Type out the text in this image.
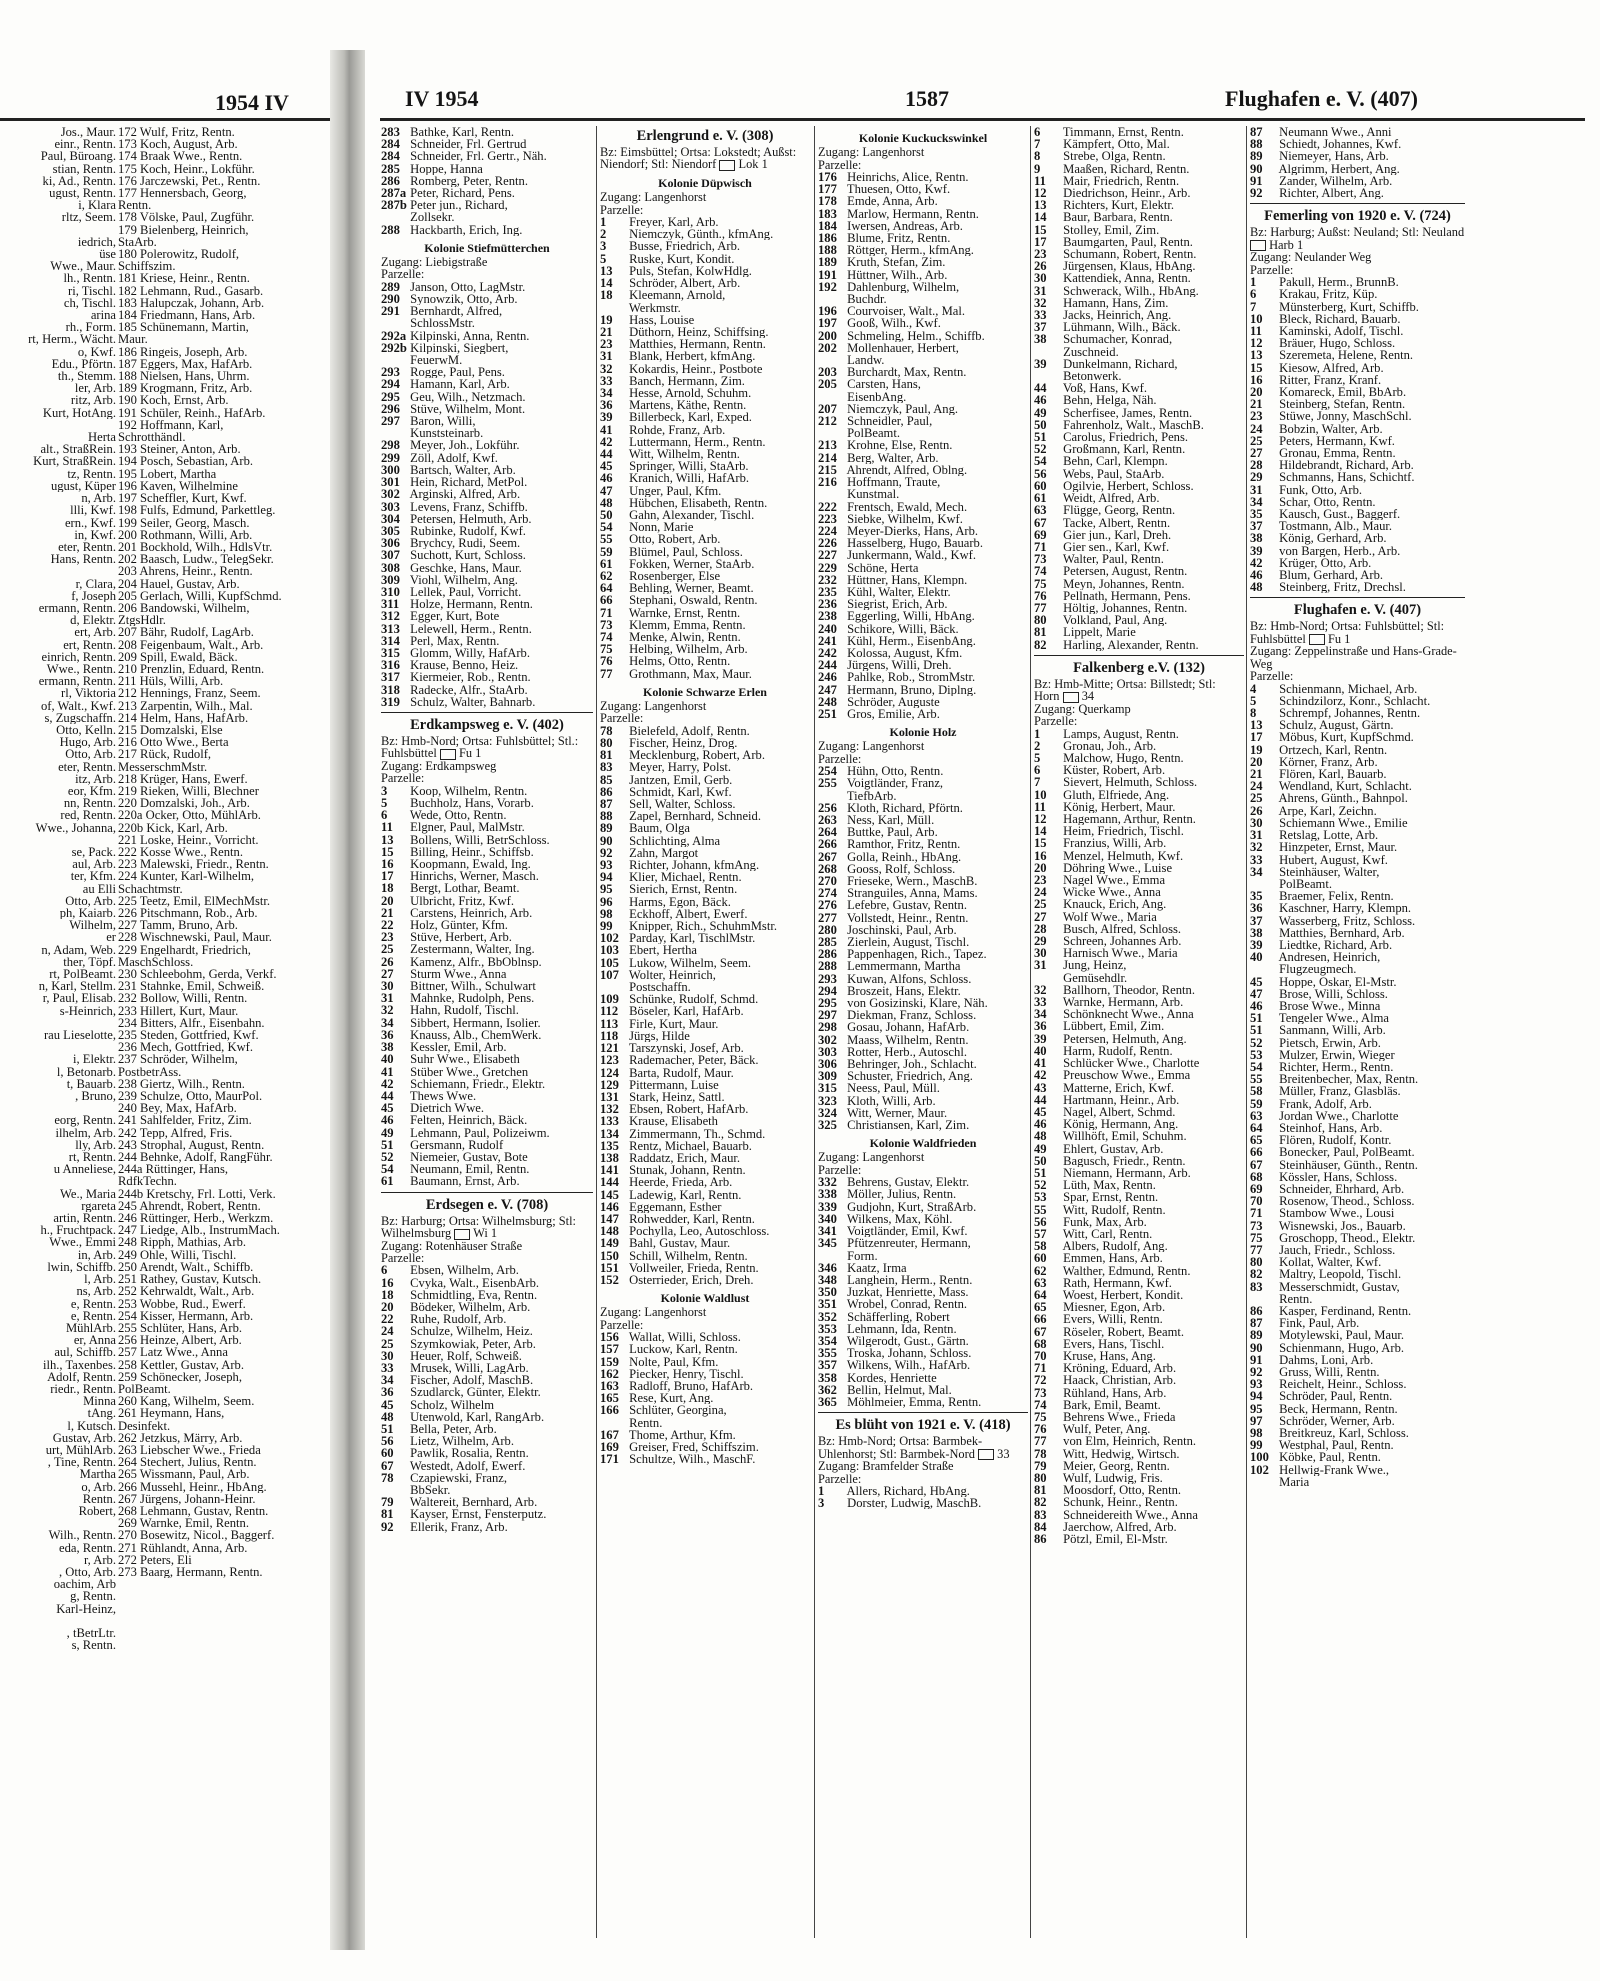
1954 IV
Jos., Maur.
einr., Rentn.
Paul, Büroang.
stian, Rentn.
ki, Ad., Rentn.
ugust, Rentn.
i, Klara
rltz, Seem.

iedrich,
üse
Wwe., Maur.
lh., Rentn.
ri, Tischl.
ch, Tischl.
arina
rh., Form.
rt, Herm., Wächt.
o, Kwf.
Edu., Pförtn.
th., Stemm.
ler, Arb.
ritz, Arb.
Kurt, HotAng.

Herta
alt., StraßRein.
Kurt, StraßRein.
tz, Rentn.
ugust, Küper
n, Arb.
llli, Kwf.
ern., Kwf.
in, Kwf.
eter, Rentn.
Hans, Rentn.

r, Clara,
f, Joseph
ermann, Rentn.
d, Elektr.
ert, Arb.
ert, Rentn.
einrich, Rentn.
Wwe., Rentn.
ermann, Rentn.
rl, Viktoria
of, Walt., Kwf.
s, Zugschaffn.
Otto, Kelln.
Hugo, Arb.
Otto, Arb.
eter, Rentn.
itz, Arb.
eor, Kfm.
nn, Rentn.
red, Rentn.
Wwe., Johanna,

se, Pack.
aul, Arb.
ter, Kfm.
au Elli
Otto, Arb.
ph, Kaiarb.
Wilhelm,
er
n, Adam, Web.
ther, Töpf.
rt, PolBeamt.
n, Karl, Stellm.
r, Paul, Elisab.
s-Heinrich,

rau Lieselotte,

i, Elektr.
l, Betonarb.
t, Bauarb.
, Bruno,

eorg, Rentn.
ilhelm, Arb.
lly, Arb.
rt, Rentn.
u Anneliese,

We., Maria
rgareta
artin, Rentn.
h., Fruchtpack.
Wwe., Emmi
in, Arb.
lwin, Schiffb.
l, Arb.
ns, Arb.
e, Rentn.
e, Rentn.
MühlArb.
er, Anna
aul, Schiffb.
ilh., Taxenbes.
Adolf, Rentn.
riedr., Rentn.
Minna
tAng.
l, Kutsch.
Gustav, Arb.
urt, MühlArb.
, Tine, Rentn.
Martha
o, Arb.
Rentn.
Robert,

Wilh., Rentn.
eda, Rentn.
r, Arb.
, Otto, Arb.
oachim, Arb
g, Rentn.
Karl-Heinz,

, tBetrLtr.
s, Rentn.
172 Wulf, Fritz, Rentn.
173 Koch, August, Arb.
174 Braak Wwe., Rentn.
175 Koch, Heinr., Lokführ.
176 Jarczewski, Pet., Rentn.
177 Hennersbach, Georg,
Rentn.
178 Völske, Paul, Zugführ.
179 Bielenberg, Heinrich,
StaArb.
180 Polerowitz, Rudolf,
Schiffszim.
181 Kriese, Heinr., Rentn.
182 Lehmann, Rud., Gasarb.
183 Halupczak, Johann, Arb.
184 Friedmann, Hans, Arb.
185 Schünemann, Martin,
Maur.
186 Ringeis, Joseph, Arb.
187 Eggers, Max, HafArb.
188 Nielsen, Hans, Uhrm.
189 Krogmann, Fritz, Arb.
190 Koch, Ernst, Arb.
191 Schüler, Reinh., HafArb.
192 Hoffmann, Karl,
Schrotthändl.
193 Steiner, Anton, Arb.
194 Posch, Sebastian, Arb.
195 Lobert, Martha
196 Kaven, Wilhelmine
197 Scheffler, Kurt, Kwf.
198 Fulfs, Edmund, Parkettleg.
199 Seiler, Georg, Masch.
200 Rothmann, Willi, Arb.
201 Bockhold, Wilh., HdlsVtr.
202 Baasch, Ludw., TelegSekr.
203 Ahrens, Heinr., Rentn.
204 Hauel, Gustav, Arb.
205 Gerlach, Willi, KupfSchmd.
206 Bandowski, Wilhelm,
ZtgsHdlr.
207 Bähr, Rudolf, LagArb.
208 Feigenbaum, Walt., Arb.
209 Spill, Ewald, Bäck.
210 Prenzlin, Eduard, Rentn.
211 Hüls, Willi, Arb.
212 Hennings, Franz, Seem.
213 Zarpentin, Wilh., Mal.
214 Helm, Hans, HafArb.
215 Domzalski, Else
216 Otto Wwe., Berta
217 Rück, Rudolf,
MesserschmMstr.
218 Krüger, Hans, Ewerf.
219 Rieken, Willi, Blechner
220 Domzalski, Joh., Arb.
220a Ocker, Otto, MühlArb.
220b Kick, Karl, Arb.
221 Loske, Heinr., Vorricht.
222 Kosse Wwe., Rentn.
223 Malewski, Friedr., Rentn.
224 Kunter, Karl-Wilhelm,
Schachtmstr.
225 Teetz, Emil, ElMechMstr.
226 Pitschmann, Rob., Arb.
227 Tamm, Bruno, Arb.
228 Wischnewski, Paul, Maur.
229 Engelhardt, Friedrich,
MaschSchloss.
230 Schleebohm, Gerda, Verkf.
231 Stahnke, Emil, Schweiß.
232 Bollow, Willi, Rentn.
233 Hillert, Kurt, Maur.
234 Bitters, Alfr., Eisenbahn.
235 Steden, Gottfried, Kwf.
236 Mech, Gottfried, Kwf.
237 Schröder, Wilhelm,
PostbetrAss.
238 Giertz, Wilh., Rentn.
239 Schulze, Otto, MaurPol.
240 Bey, Max, HafArb.
241 Sahlfelder, Fritz, Zim.
242 Tepp, Alfred, Fris.
243 Strophal, August, Rentn.
244 Behnke, Adolf, RangFühr.
244a Rüttinger, Hans,
RdfkTechn.
244b Kretschy, Frl. Lotti, Verk.
245 Ahrendt, Robert, Rentn.
246 Rüttinger, Herb., Werkzm.
247 Liedge, Alb., InstrumMach.
248 Ripph, Mathias, Arb.
249 Ohle, Willi, Tischl.
250 Arendt, Walt., Schiffb.
251 Rathey, Gustav, Kutsch.
252 Kehrwaldt, Walt., Arb.
253 Wobbe, Rud., Ewerf.
254 Kisser, Hermann, Arb.
255 Schlüter, Hans, Arb.
256 Heinze, Albert, Arb.
257 Latz Wwe., Anna
258 Kettler, Gustav, Arb.
259 Schönecker, Joseph,
PolBeamt.
260 Kang, Wilhelm, Seem.
261 Heymann, Hans,
Desinfekt.
262 Jetzkus, Märry, Arb.
263 Liebscher Wwe., Frieda
264 Stechert, Julius, Rentn.
265 Wissmann, Paul, Arb.
266 Mussehl, Heinr., HbAng.
267 Jürgens, Johann-Heinr.
268 Lehmann, Gustav, Rentn.
269 Warnke, Emil, Rentn.
270 Bosewitz, Nicol., Baggerf.
271 Rühlandt, Anna, Arb.
272 Peters, Eli
273 Baarg, Hermann, Rentn.
IV 1954	1587	Flughafen e. V. (407)
283 Bathke, Karl, Rentn.
284 Schneider, Frl. Gertrud
284 Schneider, Frl. Gertr., Näh.
285 Hoppe, Hanna
286 Romberg, Peter, Rentn.
287a Peter, Richard, Pens.
287b Peter jun., Richard,
Zollsekr.
288 Hackbarth, Erich, Ing.
Kolonie Stiefmütterchen
Zugang: Liebigstraße
Parzelle:
289 Janson, Otto, LagMstr.
290 Synowzik, Otto, Arb.
291 Bernhardt, Alfred,
SchlossMstr.
292a Kilpinski, Anna, Rentn.
292b Kilpinski, Siegbert,
FeuerwM.
293 Rogge, Paul, Pens.
294 Hamann, Karl, Arb.
295 Geu, Wilh., Netzmach.
296 Stüve, Wilhelm, Mont.
297 Baron, Willi,
Kunststeinarb.
298 Meyer, Joh., Lokführ.
299 Zöll, Adolf, Kwf.
300 Bartsch, Walter, Arb.
301 Hein, Richard, MetPol.
302 Arginski, Alfred, Arb.
303 Levens, Franz, Schiffb.
304 Petersen, Helmuth, Arb.
305 Rubinke, Rudolf, Kwf.
306 Brychcy, Rudi, Seem.
307 Suchott, Kurt, Schloss.
308 Geschke, Hans, Maur.
309 Viohl, Wilhelm, Ang.
310 Lellek, Paul, Vorricht.
311 Holze, Hermann, Rentn.
312 Egger, Kurt, Bote
313 Lelewell, Herm., Rentn.
314 Perl, Max, Rentn.
315 Glomm, Willy, HafArb.
316 Krause, Benno, Heiz.
317 Kiermeier, Rob., Rentn.
318 Radecke, Alfr., StaArb.
319 Schulz, Walter, Bahnarb.
Erdkampsweg e. V. (402)
Bz: Hmb-Nord; Ortsa: Fuhlsbüttel; Stl.: Fuhlsbüttel Fu 1
Zugang: Erdkampsweg
Parzelle:
3 Koop, Wilhelm, Rentn.
5 Buchholz, Hans, Vorarb.
6 Wede, Otto, Rentn.
11 Elgner, Paul, MalMstr.
13 Bollens, Willi, BetrSchloss.
15 Billing, Heinr., Schiffsb.
16 Koopmann, Ewald, Ing.
17 Hinrichs, Werner, Masch.
18 Bergt, Lothar, Beamt.
20 Ulbricht, Fritz, Kwf.
21 Carstens, Heinrich, Arb.
22 Holz, Günter, Kfm.
23 Stüve, Herbert, Arb.
25 Zestermann, Walter, Ing.
26 Kamenz, Alfr., BbOblnsp.
27 Sturm Wwe., Anna
30 Bittner, Wilh., Schulwart
31 Mahnke, Rudolph, Pens.
32 Hahn, Rudolf, Tischl.
34 Sibbert, Hermann, Isolier.
36 Knauss, Alb., ChemWerk.
38 Kessler, Emil, Arb.
40 Suhr Wwe., Elisabeth
41 Stüber Wwe., Gretchen
42 Schiemann, Friedr., Elektr.
44 Thews Wwe.
45 Dietrich Wwe.
46 Felten, Heinrich, Bäck.
49 Lehmann, Paul, Polizeiwm.
51 Gersmann, Rudolf
52 Niemeier, Gustav, Bote
54 Neumann, Emil, Rentn.
61 Baumann, Ernst, Arb.
Erdsegen e. V. (708)
Bz: Harburg; Ortsa: Wilhelmsburg; Stl: Wilhelmsburg Wi 1
Zugang: Rotenhäuser Straße
Parzelle:
6 Ebsen, Wilhelm, Arb.
16 Cvyka, Walt., EisenbArb.
18 Schmidtling, Eva, Rentn.
20 Bödeker, Wilhelm, Arb.
22 Ruhe, Rudolf, Arb.
24 Schulze, Wilhelm, Heiz.
25 Szymkowiak, Peter, Arb.
30 Heuer, Rolf, Schweiß.
33 Mrusek, Willi, LagArb.
34 Fischer, Adolf, MaschB.
36 Szudlarck, Günter, Elektr.
45 Scholz, Wilhelm
48 Utenwold, Karl, RangArb.
51 Bella, Peter, Arb.
56 Lietz, Wilhelm, Arb.
60 Pawlik, Rosalia, Rentn.
67 Westedt, Adolf, Ewerf.
78 Czapiewski, Franz,
BbSekr.
79 Waltereit, Bernhard, Arb.
81 Kayser, Ernst, Fensterputz.
92 Ellerik, Franz, Arb.
Erlengrund e. V. (308)
Bz: Eimsbüttel; Ortsa: Lokstedt; Außst: Niendorf; Stl: Niendorf Lok 1
Kolonie Düpwisch
Zugang: Langenhorst
Parzelle:
1 Freyer, Karl, Arb.
2 Niemczyk, Günth., kfmAng.
3 Busse, Friedrich, Arb.
5 Ruske, Kurt, Kondit.
13 Puls, Stefan, KolwHdlg.
14 Schröder, Albert, Arb.
18 Kleemann, Arnold,
Werkmstr.
19 Hass, Louise
21 Düthorn, Heinz, Schiffsing.
23 Matthies, Hermann, Rentn.
31 Blank, Herbert, kfmAng.
32 Kokardis, Heinr., Postbote
33 Banch, Hermann, Zim.
34 Hesse, Arnold, Schuhm.
36 Martens, Käthe, Rentn.
39 Billerbeck, Karl, Exped.
41 Rohde, Franz, Arb.
42 Luttermann, Herm., Rentn.
44 Witt, Wilhelm, Rentn.
45 Springer, Willi, StaArb.
46 Kranich, Willi, HafArb.
47 Unger, Paul, Kfm.
48 Hübchen, Elisabeth, Rentn.
50 Gahn, Alexander, Tischl.
54 Nonn, Marie
55 Otto, Robert, Arb.
59 Blümel, Paul, Schloss.
61 Fokken, Werner, StaArb.
62 Rosenberger, Else
64 Behling, Werner, Beamt.
66 Stephani, Oswald, Rentn.
71 Warnke, Ernst, Rentn.
73 Klemm, Emma, Rentn.
74 Menke, Alwin, Rentn.
75 Helbing, Wilhelm, Arb.
76 Helms, Otto, Rentn.
77 Grothmann, Max, Maur.
Kolonie Schwarze Erlen
Zugang: Langenhorst
Parzelle:
78 Bielefeld, Adolf, Rentn.
80 Fischer, Heinz, Drog.
81 Mecklenburg, Robert, Arb.
83 Meyer, Harry, Polst.
85 Jantzen, Emil, Gerb.
86 Schmidt, Karl, Kwf.
87 Sell, Walter, Schloss.
88 Zapel, Bernhard, Schneid.
89 Baum, Olga
90 Schlichting, Alma
92 Zahn, Margot
93 Richter, Johann, kfmAng.
94 Klier, Michael, Rentn.
95 Sierich, Ernst, Rentn.
96 Harms, Egon, Bäck.
98 Eckhoff, Albert, Ewerf.
99 Knipper, Rich., SchuhmMstr.
102 Parday, Karl, TischlMstr.
103 Ebert, Hertha
105 Lukow, Wilhelm, Seem.
107 Wolter, Heinrich,
Postschaffn.
109 Schünke, Rudolf, Schmd.
112 Böseler, Karl, HafArb.
113 Firle, Kurt, Maur.
118 Jürgs, Hilde
121 Tarszynski, Josef, Arb.
123 Rademacher, Peter, Bäck.
124 Barta, Rudolf, Maur.
129 Pittermann, Luise
131 Stark, Heinz, Sattl.
132 Ebsen, Robert, HafArb.
133 Krause, Elisabeth
134 Zimmermann, Th., Schmd.
135 Rentz, Michael, Bauarb.
138 Raddatz, Erich, Maur.
141 Stunak, Johann, Rentn.
144 Heerde, Frieda, Arb.
145 Ladewig, Karl, Rentn.
146 Eggemann, Esther
147 Rohwedder, Karl, Rentn.
148 Pochylla, Leo, Autoschloss.
149 Bahl, Gustav, Maur.
150 Schill, Wilhelm, Rentn.
151 Vollweiler, Frieda, Rentn.
152 Osterrieder, Erich, Dreh.
Kolonie Waldlust
Zugang: Langenhorst
Parzelle:
156 Wallat, Willi, Schloss.
157 Luckow, Karl, Rentn.
159 Nolte, Paul, Kfm.
162 Piecker, Henry, Tischl.
163 Radloff, Bruno, HafArb.
165 Rese, Kurt, Ang.
166 Schlüter, Georgina,
Rentn.
167 Thome, Arthur, Kfm.
169 Greiser, Fred, Schiffszim.
171 Schultze, Wilh., MaschF.
Kolonie Kuckuckswinkel
Zugang: Langenhorst
Parzelle:
176 Heinrichs, Alice, Rentn.
177 Thuesen, Otto, Kwf.
178 Emde, Anna, Arb.
183 Marlow, Hermann, Rentn.
184 Iwersen, Andreas, Arb.
186 Blume, Fritz, Rentn.
188 Röttger, Herm., kfmAng.
189 Kruth, Stefan, Zim.
191 Hüttner, Wilh., Arb.
192 Dahlenburg, Wilhelm,
Buchdr.
196 Courvoiser, Walt., Mal.
197 Gooß, Wilh., Kwf.
200 Schmeling, Helm., Schiffb.
202 Mollenhauer, Herbert,
Landw.
203 Burchardt, Max, Rentn.
205 Carsten, Hans,
EisenbAng.
207 Niemczyk, Paul, Ang.
212 Schneidler, Paul,
PolBeamt.
213 Krohne, Else, Rentn.
214 Berg, Walter, Arb.
215 Ahrendt, Alfred, Oblng.
216 Hoffmann, Traute,
Kunstmal.
222 Frentsch, Ewald, Mech.
223 Siebke, Wilhelm, Kwf.
224 Meyer-Dierks, Hans, Arb.
226 Hasselberg, Hugo, Bauarb.
227 Junkermann, Wald., Kwf.
229 Schöne, Herta
232 Hüttner, Hans, Klempn.
235 Kühl, Walter, Elektr.
236 Siegrist, Erich, Arb.
238 Eggerling, Willi, HbAng.
240 Schikore, Willi, Bäck.
241 Kühl, Herm., EisenbAng.
242 Kolossa, August, Kfm.
244 Jürgens, Willi, Dreh.
246 Pahlke, Rob., StromMstr.
247 Hermann, Bruno, Diplng.
248 Schröder, Auguste
251 Gros, Emilie, Arb.
Kolonie Holz
Zugang: Langenhorst
Parzelle:
254 Hühn, Otto, Rentn.
255 Voigtländer, Franz,
TiefbArb.
256 Kloth, Richard, Pförtn.
263 Ness, Karl, Müll.
264 Buttke, Paul, Arb.
266 Ramthor, Fritz, Rentn.
267 Golla, Reinh., HbAng.
268 Gooss, Rolf, Schloss.
270 Frieseke, Wern., MaschB.
274 Stranguiles, Anna, Mams.
276 Lefebre, Gustav, Rentn.
277 Vollstedt, Heinr., Rentn.
280 Joschinski, Paul, Arb.
285 Zierlein, August, Tischl.
286 Pappenhagen, Rich., Tapez.
288 Lemmermann, Martha
293 Kuwan, Alfons, Schloss.
294 Broszeit, Hans, Elektr.
295 von Gosizinski, Klare, Näh.
297 Diekman, Franz, Schloss.
298 Gosau, Johann, HafArb.
302 Maass, Wilhelm, Rentn.
303 Rotter, Herb., Autoschl.
306 Behringer, Joh., Schlacht.
309 Schuster, Friedrich, Ang.
315 Neess, Paul, Müll.
323 Kloth, Willi, Arb.
324 Witt, Werner, Maur.
325 Christiansen, Karl, Zim.
Kolonie Waldfrieden
Zugang: Langenhorst
Parzelle:
332 Behrens, Gustav, Elektr.
338 Möller, Julius, Rentn.
339 Gudjohn, Kurt, StraßArb.
340 Wilkens, Max, Köhl.
341 Voigtländer, Emil, Kwf.
345 Pfützenreuter, Hermann,
Form.
346 Kaatz, Irma
348 Langhein, Herm., Rentn.
350 Juzkat, Henriette, Mass.
351 Wrobel, Conrad, Rentn.
352 Schäfferling, Robert
353 Lehmann, Ida, Rentn.
354 Wilgerodt, Gust., Gärtn.
355 Troska, Johann, Schloss.
357 Wilkens, Wilh., HafArb.
358 Kordes, Henriette
362 Bellin, Helmut, Mal.
365 Möhlmeier, Emma, Rentn.
Es blüht von 1921 e. V. (418)
Bz: Hmb-Nord; Ortsa: Barmbek-Uhlenhorst; Stl: Barmbek-Nord 33
Zugang: Bramfelder Straße
Parzelle:
1 Allers, Richard, HbAng.
3 Dorster, Ludwig, MaschB.
6 Timmann, Ernst, Rentn.
7 Kämpfert, Otto, Mal.
8 Strebe, Olga, Rentn.
9 Maaßen, Richard, Rentn.
11 Mair, Friedrich, Rentn.
12 Diedrichson, Heinr., Arb.
13 Richters, Kurt, Elektr.
14 Baur, Barbara, Rentn.
15 Stolley, Emil, Zim.
17 Baumgarten, Paul, Rentn.
23 Schumann, Robert, Rentn.
26 Jürgensen, Klaus, HbAng.
30 Kattendiek, Anna, Rentn.
31 Schwerack, Wilh., HbAng.
32 Hamann, Hans, Zim.
33 Jacks, Heinrich, Ang.
37 Lühmann, Wilh., Bäck.
38 Schumacher, Konrad,
Zuschneid.
39 Dunkelmann, Richard,
Betonwerk.
44 Voß, Hans, Kwf.
46 Behn, Helga, Näh.
49 Scherfisee, James, Rentn.
50 Fahrenholz, Walt., MaschB.
51 Carolus, Friedrich, Pens.
52 Großmann, Karl, Rentn.
54 Behn, Carl, Klempn.
56 Webs, Paul, StaArb.
60 Ogilvie, Herbert, Schloss.
61 Weidt, Alfred, Arb.
63 Flügge, Georg, Rentn.
67 Tacke, Albert, Rentn.
69 Gier jun., Karl, Dreh.
71 Gier sen., Karl, Kwf.
73 Walter, Paul, Rentn.
74 Petersen, August, Rentn.
75 Meyn, Johannes, Rentn.
76 Pellnath, Hermann, Pens.
77 Höltig, Johannes, Rentn.
80 Volkland, Paul, Ang.
81 Lippelt, Marie
82 Harling, Alexander, Rentn.
Falkenberg e.V. (132)
Bz: Hmb-Mitte; Ortsa: Billstedt; Stl: Horn 34
Zugang: Querkamp
Parzelle:
1 Lamps, August, Rentn.
2 Gronau, Joh., Arb.
5 Malchow, Hugo, Rentn.
6 Küster, Robert, Arb.
7 Sievert, Helmuth, Schloss.
10 Gluth, Elfriede, Ang.
11 König, Herbert, Maur.
12 Hagemann, Arthur, Rentn.
14 Heim, Friedrich, Tischl.
15 Franzius, Willi, Arb.
16 Menzel, Helmuth, Kwf.
20 Döhring Wwe., Luise
23 Nagel Wwe., Emma
24 Wicke Wwe., Anna
25 Knauck, Erich, Ang.
27 Wolf Wwe., Maria
28 Busch, Alfred, Schloss.
29 Schreen, Johannes Arb.
30 Harnisch Wwe., Maria
31 Jung, Heinz,
Gemüsehdlr.
32 Ballhorn, Theodor, Rentn.
33 Warnke, Hermann, Arb.
34 Schönknecht Wwe., Anna
36 Lübbert, Emil, Zim.
39 Petersen, Helmuth, Ang.
40 Harm, Rudolf, Rentn.
41 Schlücker Wwe., Charlotte
42 Preuschow Wwe., Emma
43 Matterne, Erich, Kwf.
44 Hartmann, Heinr., Arb.
45 Nagel, Albert, Schmd.
46 König, Hermann, Ang.
48 Willhöft, Emil, Schuhm.
49 Ehlert, Gustav, Arb.
50 Bagusch, Friedr., Rentn.
51 Niemann, Hermann, Arb.
52 Lüth, Max, Rentn.
53 Spar, Ernst, Rentn.
55 Witt, Rudolf, Rentn.
56 Funk, Max, Arb.
57 Witt, Carl, Rentn.
58 Albers, Rudolf, Ang.
60 Emmen, Hans, Arb.
62 Walther, Edmund, Rentn.
63 Rath, Hermann, Kwf.
64 Woest, Herbert, Kondit.
65 Miesner, Egon, Arb.
66 Evers, Willi, Rentn.
67 Röseler, Robert, Beamt.
68 Evers, Hans, Tischl.
70 Kruse, Hans, Ang.
71 Kröning, Eduard, Arb.
72 Haack, Christian, Arb.
73 Rühland, Hans, Arb.
74 Bark, Emil, Beamt.
75 Behrens Wwe., Frieda
76 Wulf, Peter, Ang.
77 von Elm, Heinrich, Rentn.
78 Witt, Hedwig, Wirtsch.
79 Meier, Georg, Rentn.
80 Wulf, Ludwig, Fris.
81 Moosdorf, Otto, Rentn.
82 Schunk, Heinr., Rentn.
83 Schneidereith Wwe., Anna
84 Jaerchow, Alfred, Arb.
86 Pötzl, Emil, El-Mstr.
87 Neumann Wwe., Anni
88 Schiedt, Johannes, Kwf.
89 Niemeyer, Hans, Arb.
90 Algrimm, Herbert, Ang.
91 Zander, Wilhelm, Arb.
92 Richter, Albert, Ang.
Femerling von 1920 e. V. (724)
Bz: Harburg; Außst: Neuland; Stl: Neuland  Harb 1
Zugang: Neulander Weg
Parzelle:
1 Pakull, Herm., BrunnB.
6 Krakau, Fritz, Küp.
7 Münsterberg, Kurt, Schiffb.
10 Bleck, Richard, Bauarb.
11 Kaminski, Adolf, Tischl.
12 Bräuer, Hugo, Schloss.
13 Szeremeta, Helene, Rentn.
15 Kiesow, Alfred, Arb.
16 Ritter, Franz, Kranf.
20 Komareck, Emil, BbArb.
21 Steinberg, Stefan, Rentn.
23 Stüwe, Jonny, MaschSchl.
24 Bobzin, Walter, Arb.
25 Peters, Hermann, Kwf.
27 Gronau, Emma, Rentn.
28 Hildebrandt, Richard, Arb.
29 Schmanns, Hans, Schichtf.
31 Funk, Otto, Arb.
34 Schar, Otto, Rentn.
35 Kausch, Gust., Baggerf.
37 Tostmann, Alb., Maur.
38 König, Gerhard, Arb.
39 von Bargen, Herb., Arb.
42 Krüger, Otto, Arb.
46 Blum, Gerhard, Arb.
48 Steinberg, Fritz, Drechsl.
Flughafen e. V. (407)
Bz: Hmb-Nord; Ortsa: Fuhlsbüttel; Stl: Fuhlsbüttel Fu 1
Zugang: Zeppelinstraße und Hans-Grade-Weg
Parzelle:
4 Schienmann, Michael, Arb.
5 Schindzilorz, Konr., Schlacht.
8 Schrempf, Johannes, Rentn.
13 Schulz, August, Gärtn.
17 Möbus, Kurt, KupfSchmd.
19 Ortzech, Karl, Rentn.
20 Körner, Franz, Arb.
21 Flören, Karl, Bauarb.
24 Wendland, Kurt, Schlacht.
25 Ahrens, Günth., Bahnpol.
26 Arpe, Karl, Zeichn.
30 Schiemann Wwe., Emilie
31 Retslag, Lotte, Arb.
32 Hinzpeter, Ernst, Maur.
33 Hubert, August, Kwf.
34 Steinhäuser, Walter,
PolBeamt.
35 Braemer, Felix, Rentn.
36 Kaschner, Harry, Klempn.
37 Wasserberg, Fritz, Schloss.
38 Matthies, Bernhard, Arb.
39 Liedtke, Richard, Arb.
40 Andresen, Heinrich,
Flugzeugmech.
45 Hoppe, Oskar, El-Mstr.
47 Brose, Willi, Schloss.
46 Brose Wwe., Minna
51 Tengeler Wwe., Alma
51 Sanmann, Willi, Arb.
52 Pietsch, Erwin, Arb.
53 Mulzer, Erwin, Wieger
54 Richter, Herm., Rentn.
55 Breitenbecher, Max, Rentn.
58 Müller, Franz, Glasbläs.
59 Frank, Adolf, Arb.
63 Jordan Wwe., Charlotte
64 Steinhof, Hans, Arb.
65 Flören, Rudolf, Kontr.
66 Bonecker, Paul, PolBeamt.
67 Steinhäuser, Günth., Rentn.
68 Kössler, Hans, Schloss.
69 Schneider, Ehrhard, Arb.
70 Rosenow, Theod., Schloss.
71 Stambow Wwe., Lousi
73 Wisnewski, Jos., Bauarb.
75 Groschopp, Theod., Elektr.
77 Jauch, Friedr., Schloss.
80 Kollat, Walter, Kwf.
82 Maltry, Leopold, Tischl.
83 Messerschmidt, Gustav,
Rentn.
86 Kasper, Ferdinand, Rentn.
87 Fink, Paul, Arb.
89 Motylewski, Paul, Maur.
90 Schienmann, Hugo, Arb.
91 Dahms, Loni, Arb.
92 Gruss, Willi, Rentn.
93 Reichelt, Heinr., Schloss.
94 Schröder, Paul, Rentn.
95 Beck, Hermann, Rentn.
97 Schröder, Werner, Arb.
98 Breitkreuz, Karl, Schloss.
99 Westphal, Paul, Rentn.
100 Köbke, Paul, Rentn.
102 Hellwig-Frank Wwe.,
Maria
